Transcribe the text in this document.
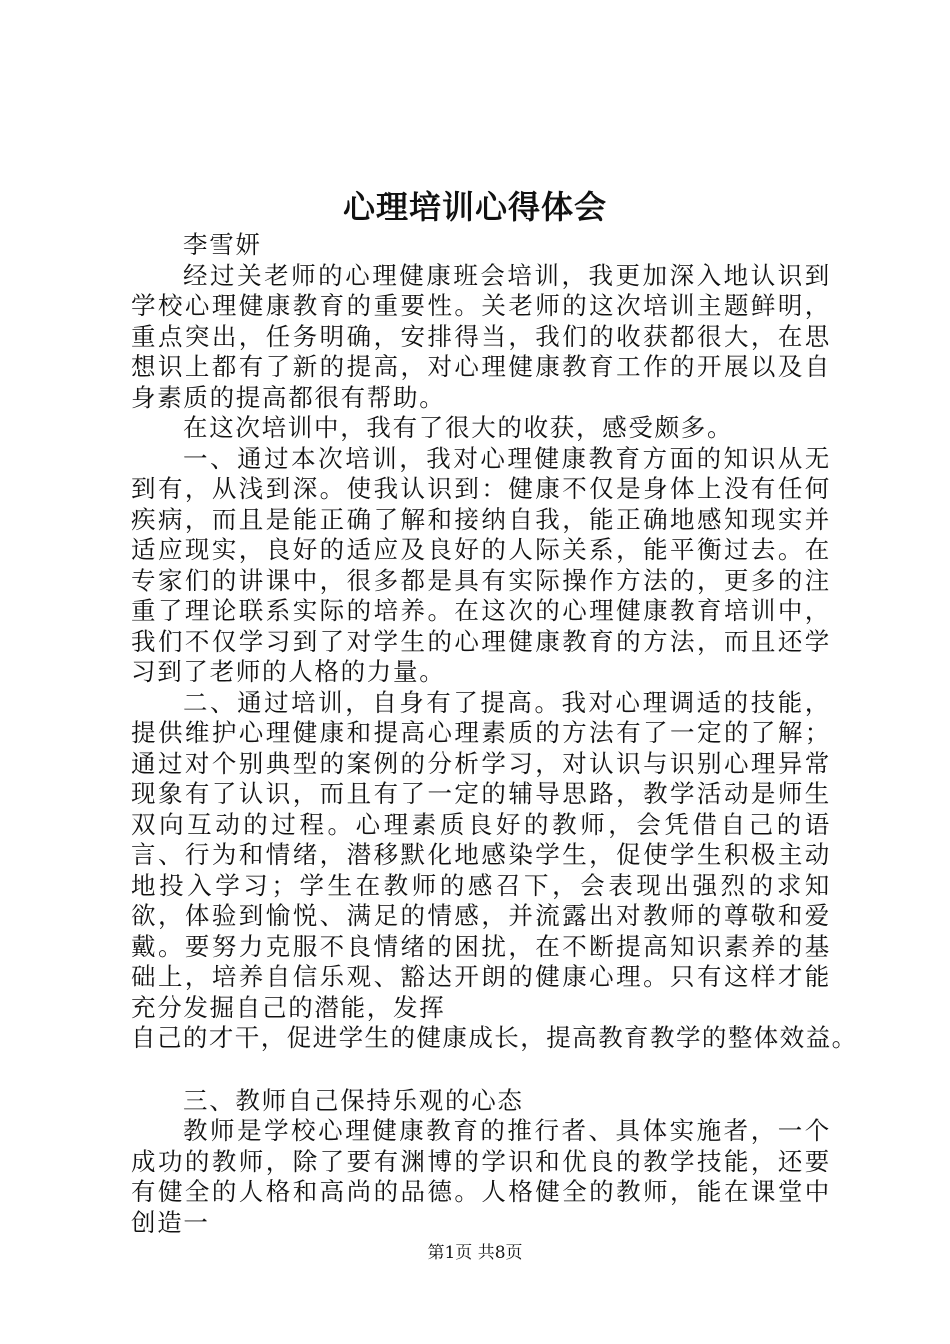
心理培训心得体会

李雪妍

经过关老师的心理健康班会培训，我更加深入地认识到学校心理健康教育的重要性。关老师的这次培训主题鲜明，重点突出，任务明确，安排得当，我们的收获都很大，在思想识上都有了新的提高，对心理健康教育工作的开展以及自身素质的提高都很有帮助。

在这次培训中，我有了很大的收获，感受颇多。

一、通过本次培训，我对心理健康教育方面的知识从无到有，从浅到深。使我认识到：健康不仅是身体上没有任何疾病，而且是能正确了解和接纳自我，能正确地感知现实并适应现实，良好的适应及良好的人际关系，能平衡过去。在专家们的讲课中，很多都是具有实际操作方法的，更多的注重了理论联系实际的培养。在这次的心理健康教育培训中，我们不仅学习到了对学生的心理健康教育的方法，而且还学习到了老师的人格的力量。

二、通过培训，自身有了提高。我对心理调适的技能，提供维护心理健康和提高心理素质的方法有了一定的了解；通过对个别典型的案例的分析学习，对认识与识别心理异常现象有了认识，而且有了一定的辅导思路，教学活动是师生双向互动的过程。心理素质良好的教师，会凭借自己的语言、行为和情绪，潜移默化地感染学生，促使学生积极主动地投入学习；学生在教师的感召下，会表现出强烈的求知欲，体验到愉悦、满足的情感，并流露出对教师的尊敬和爱戴。要努力克服不良情绪的困扰，在不断提高知识素养的基础上，培养自信乐观、豁达开朗的健康心理。只有这样才能充分发掘自己的潜能，发挥

自己的才干，促进学生的健康成长，提高教育教学的整体效益。

三、教师自己保持乐观的心态

教师是学校心理健康教育的推行者、具体实施者，一个成功的教师，除了要有渊博的学识和优良的教学技能，还要有健全的人格和高尚的品德。人格健全的教师，能在课堂中创造一

第1页 共8页
